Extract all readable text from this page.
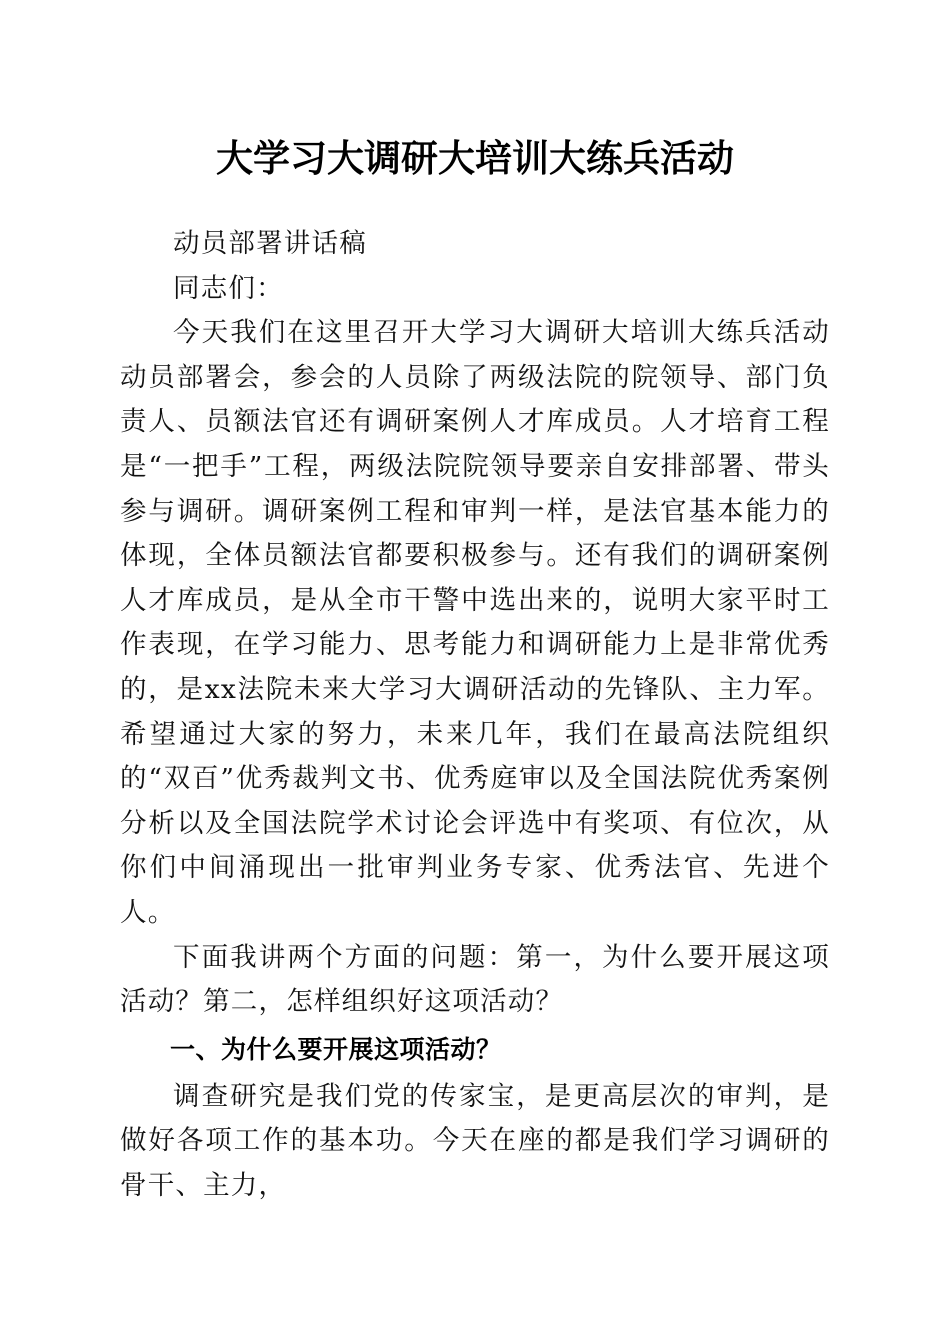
大学习大调研大培训大练兵活动

动员部署讲话稿

同志们：

今天我们在这里召开大学习大调研大培训大练兵活动动员部署会，参会的人员除了两级法院的院领导、部门负责人、员额法官还有调研案例人才库成员。人才培育工程是“一把手”工程，两级法院院领导要亲自安排部署、带头参与调研。调研案例工程和审判一样，是法官基本能力的体现，全体员额法官都要积极参与。还有我们的调研案例人才库成员，是从全市干警中选出来的，说明大家平时工作表现，在学习能力、思考能力和调研能力上是非常优秀的，是xx法院未来大学习大调研活动的先锋队、主力军。希望通过大家的努力，未来几年，我们在最高法院组织的“双百”优秀裁判文书、优秀庭审以及全国法院优秀案例分析以及全国法院学术讨论会评选中有奖项、有位次，从你们中间涌现出一批审判业务专家、优秀法官、先进个人。

下面我讲两个方面的问题：第一，为什么要开展这项活动？第二，怎样组织好这项活动？

一、为什么要开展这项活动？

调查研究是我们党的传家宝，是更高层次的审判，是做好各项工作的基本功。今天在座的都是我们学习调研的骨干、主力，
